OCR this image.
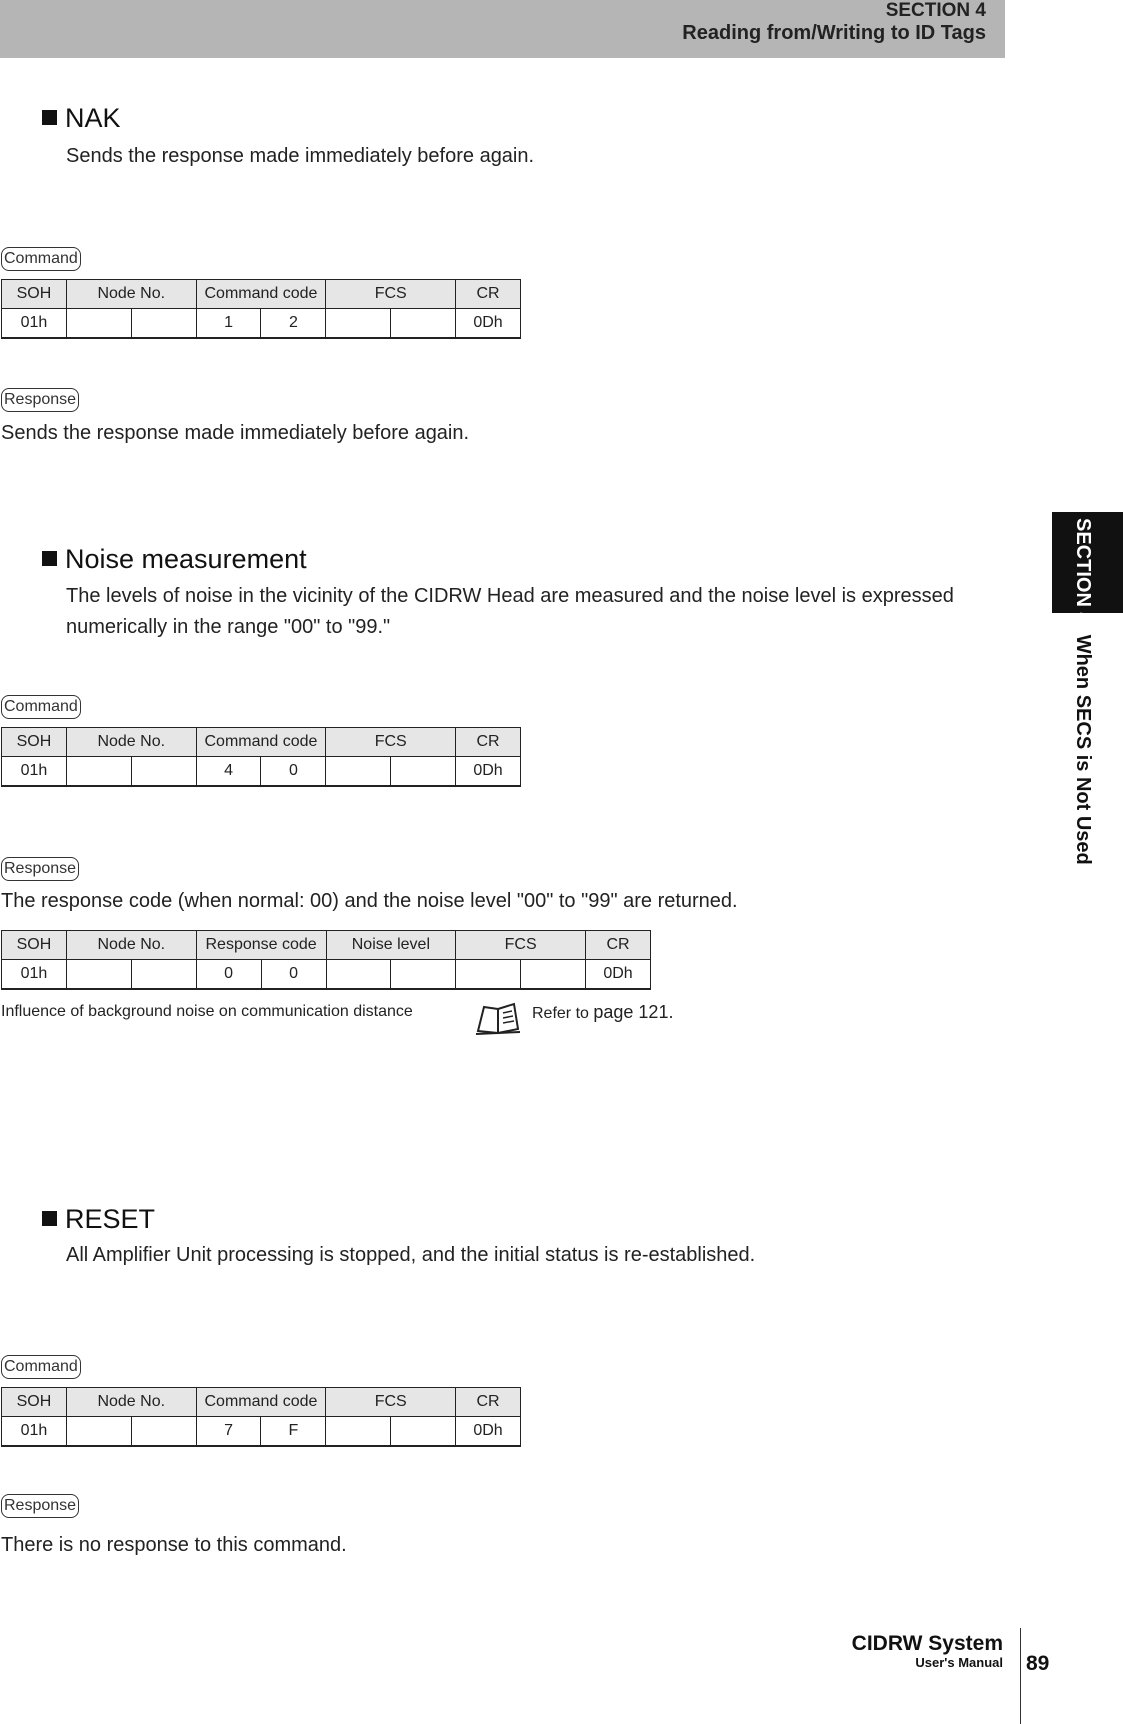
SECTION 4
Reading from/Writing to ID Tags
SECTION 4  When SECS is Not Used
NAK
Sends the response made immediately before again.
Command
SOH	Node No.		Command code		FCS		CR
01h			1	2			0Dh
Response
Sends the response made immediately before again.
Noise measurement
The levels of noise in the vicinity of the CIDRW Head are measured and the noise level is expressed numerically in the range "00" to "99."
Command
SOH	Node No.		Command code		FCS		CR
01h			4	0			0Dh
Response
The response code (when normal: 00) and the noise level "00" to "99" are returned.
SOH	Node No.		Response code		Noise level		FCS		CR
01h			0	0					0Dh
Influence of background noise on communication distance	Refer to page 121.
RESET
All Amplifier Unit processing is stopped, and the initial status is re-established.
Command
SOH	Node No.		Command code		FCS		CR
01h			7	F			0Dh
Response
There is no response to this command.
CIDRW System
User's Manual 89
